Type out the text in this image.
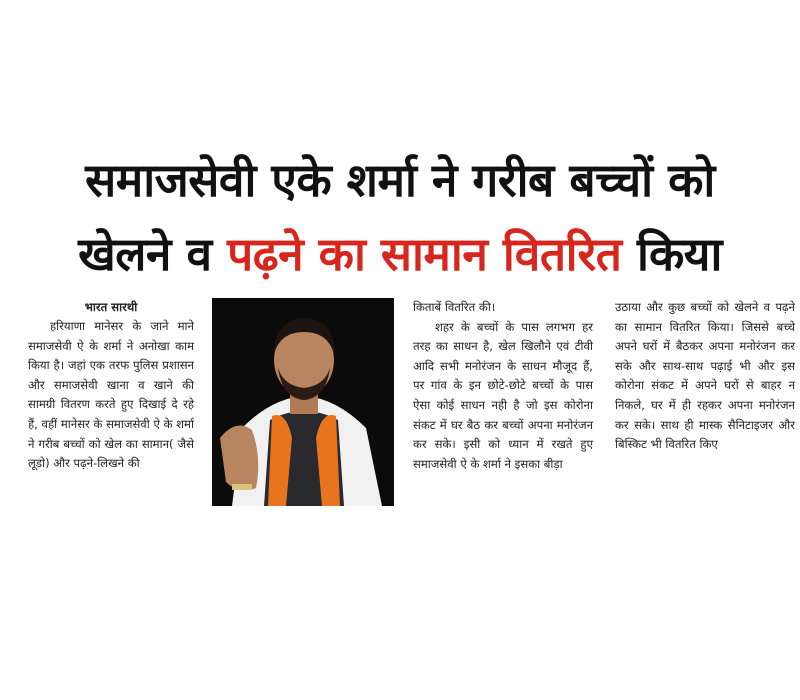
समाजसेवी एके शर्मा ने गरीब बच्चों को
खेलने व पढ़ने का सामान वितरित किया

भारत सारथी

हरियाणा मानेसर के जाने माने समाजसेवी ऐ के शर्मा ने अनोखा काम किया है। जहां एक तरफ पुलिस प्रशासन और समाजसेवी खाना व खाने की सामग्री वितरण करते हुए दिखाई दे रहे हैं, वहीं मानेसर के समाजसेवी ऐ के शर्मा ने गरीब बच्चों को खेल का सामान( जैसे लूडो) और पढ़ने-लिखने की

किताबें वितरित की।

शहर के बच्चों के पास लगभग हर तरह का साधन है, खेल खिलौने एवं टीवी आदि सभी मनोरंजन के साधन मौजूद हैं, पर गांव के इन छोटे-छोटे बच्चों के पास ऐसा कोई साधन नही है जो इस कोरोना संकट में घर बैठ कर बच्चों अपना मनोरंजन कर सके। इसी को ध्यान में रखते हुए समाजसेवी ऐ के शर्मा ने इसका बीड़ा

उठाया और कुछ बच्चों को खेलने व पढ़ने का सामान वितरित किया। जिससे बच्चे अपने घरों में बैठकर अपना मनोरंजन कर सके और साथ-साथ पढ़ाई भी और इस कोरोना संकट में अपने घरों से बाहर न निकले, घर में ही रहकर अपना मनोरंजन कर सके। साथ ही मास्क सैनिटाइजर और बिस्किट भी वितरित किए
